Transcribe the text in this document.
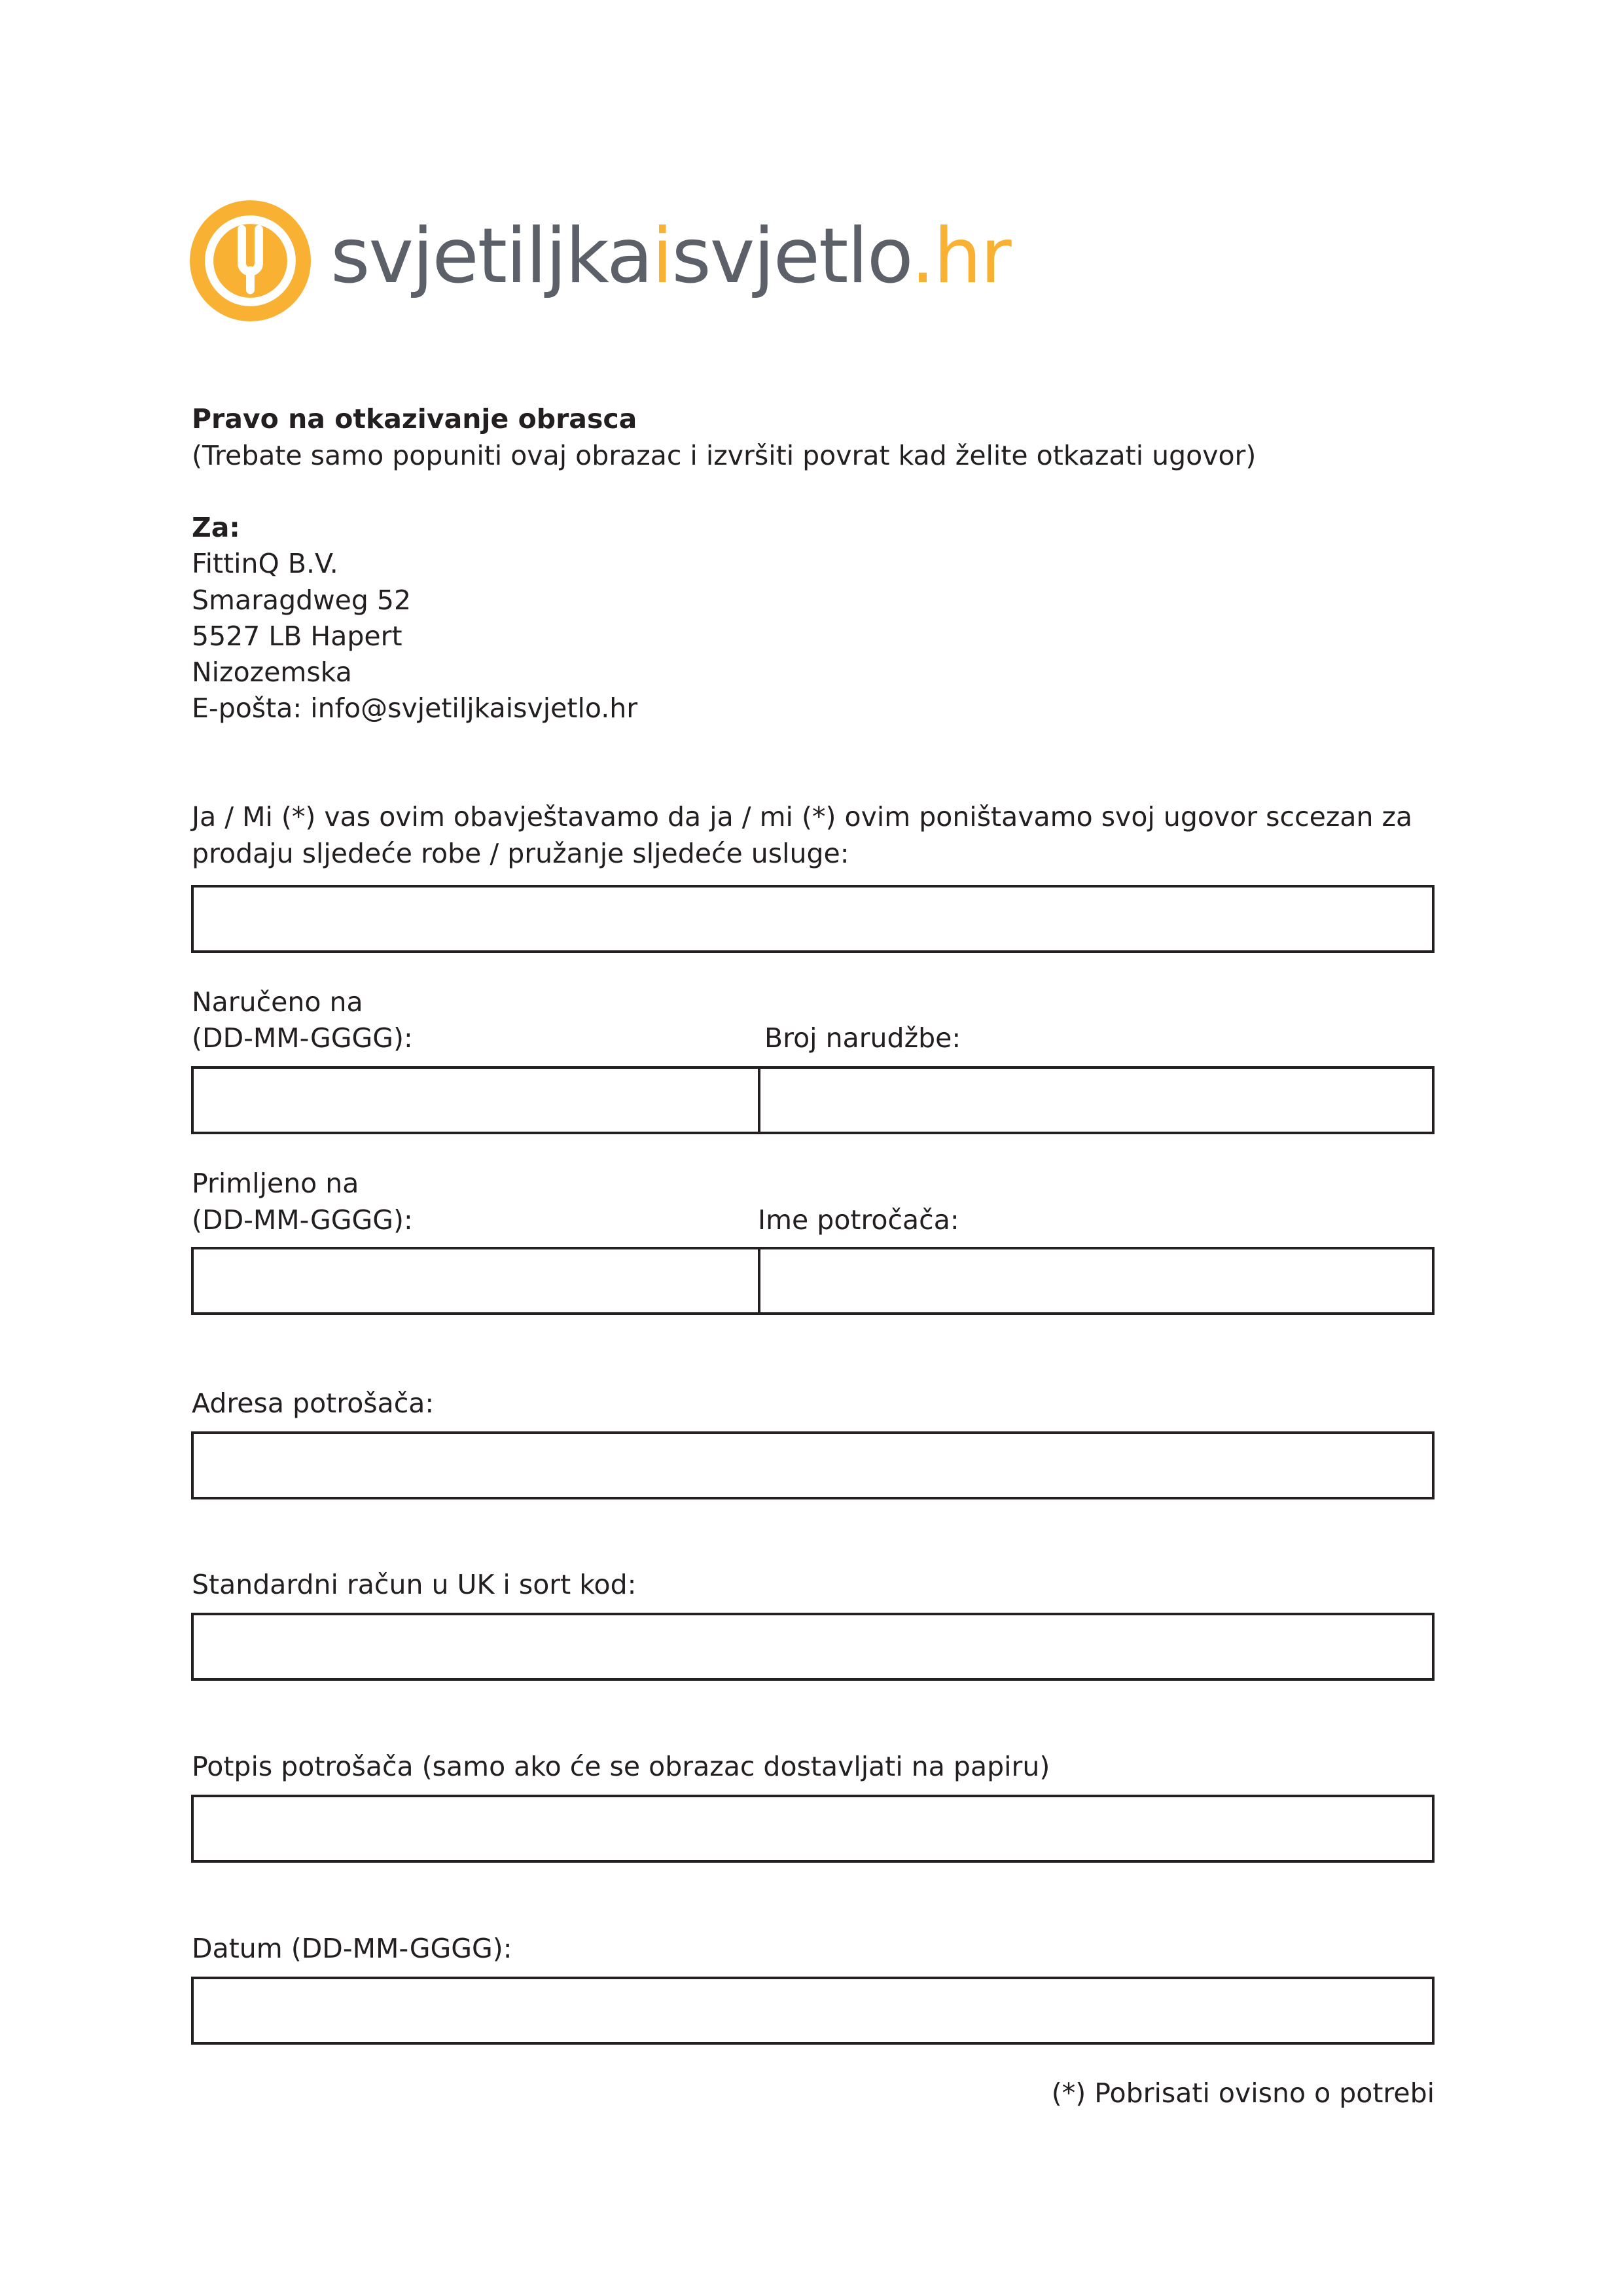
svjetiljkaisvjetlo.hr
Pravo na otkazivanje obrasca
(Trebate samo popuniti ovaj obrazac i izvršiti povrat kad želite otkazati ugovor)
Za:
FittinQ B.V.
Smaragdweg 52
5527 LB Hapert
Nizozemska
E-pošta: info@svjetiljkaisvjetlo.hr
Ja / Mi (*) vas ovim obavještavamo da ja / mi (*) ovim poništavamo svoj ugovor sccezan za
prodaju sljedeće robe / pružanje sljedeće usluge:
Naručeno na
(DD-MM-GGGG):	Broj narudžbe:
Primljeno na
(DD-MM-GGGG):	Ime potročača:
Adresa potrošača:
Standardni račun u UK i sort kod:
Potpis potrošača (samo ako će se obrazac dostavljati na papiru)
Datum (DD-MM-GGGG):
(*) Pobrisati ovisno o potrebi
